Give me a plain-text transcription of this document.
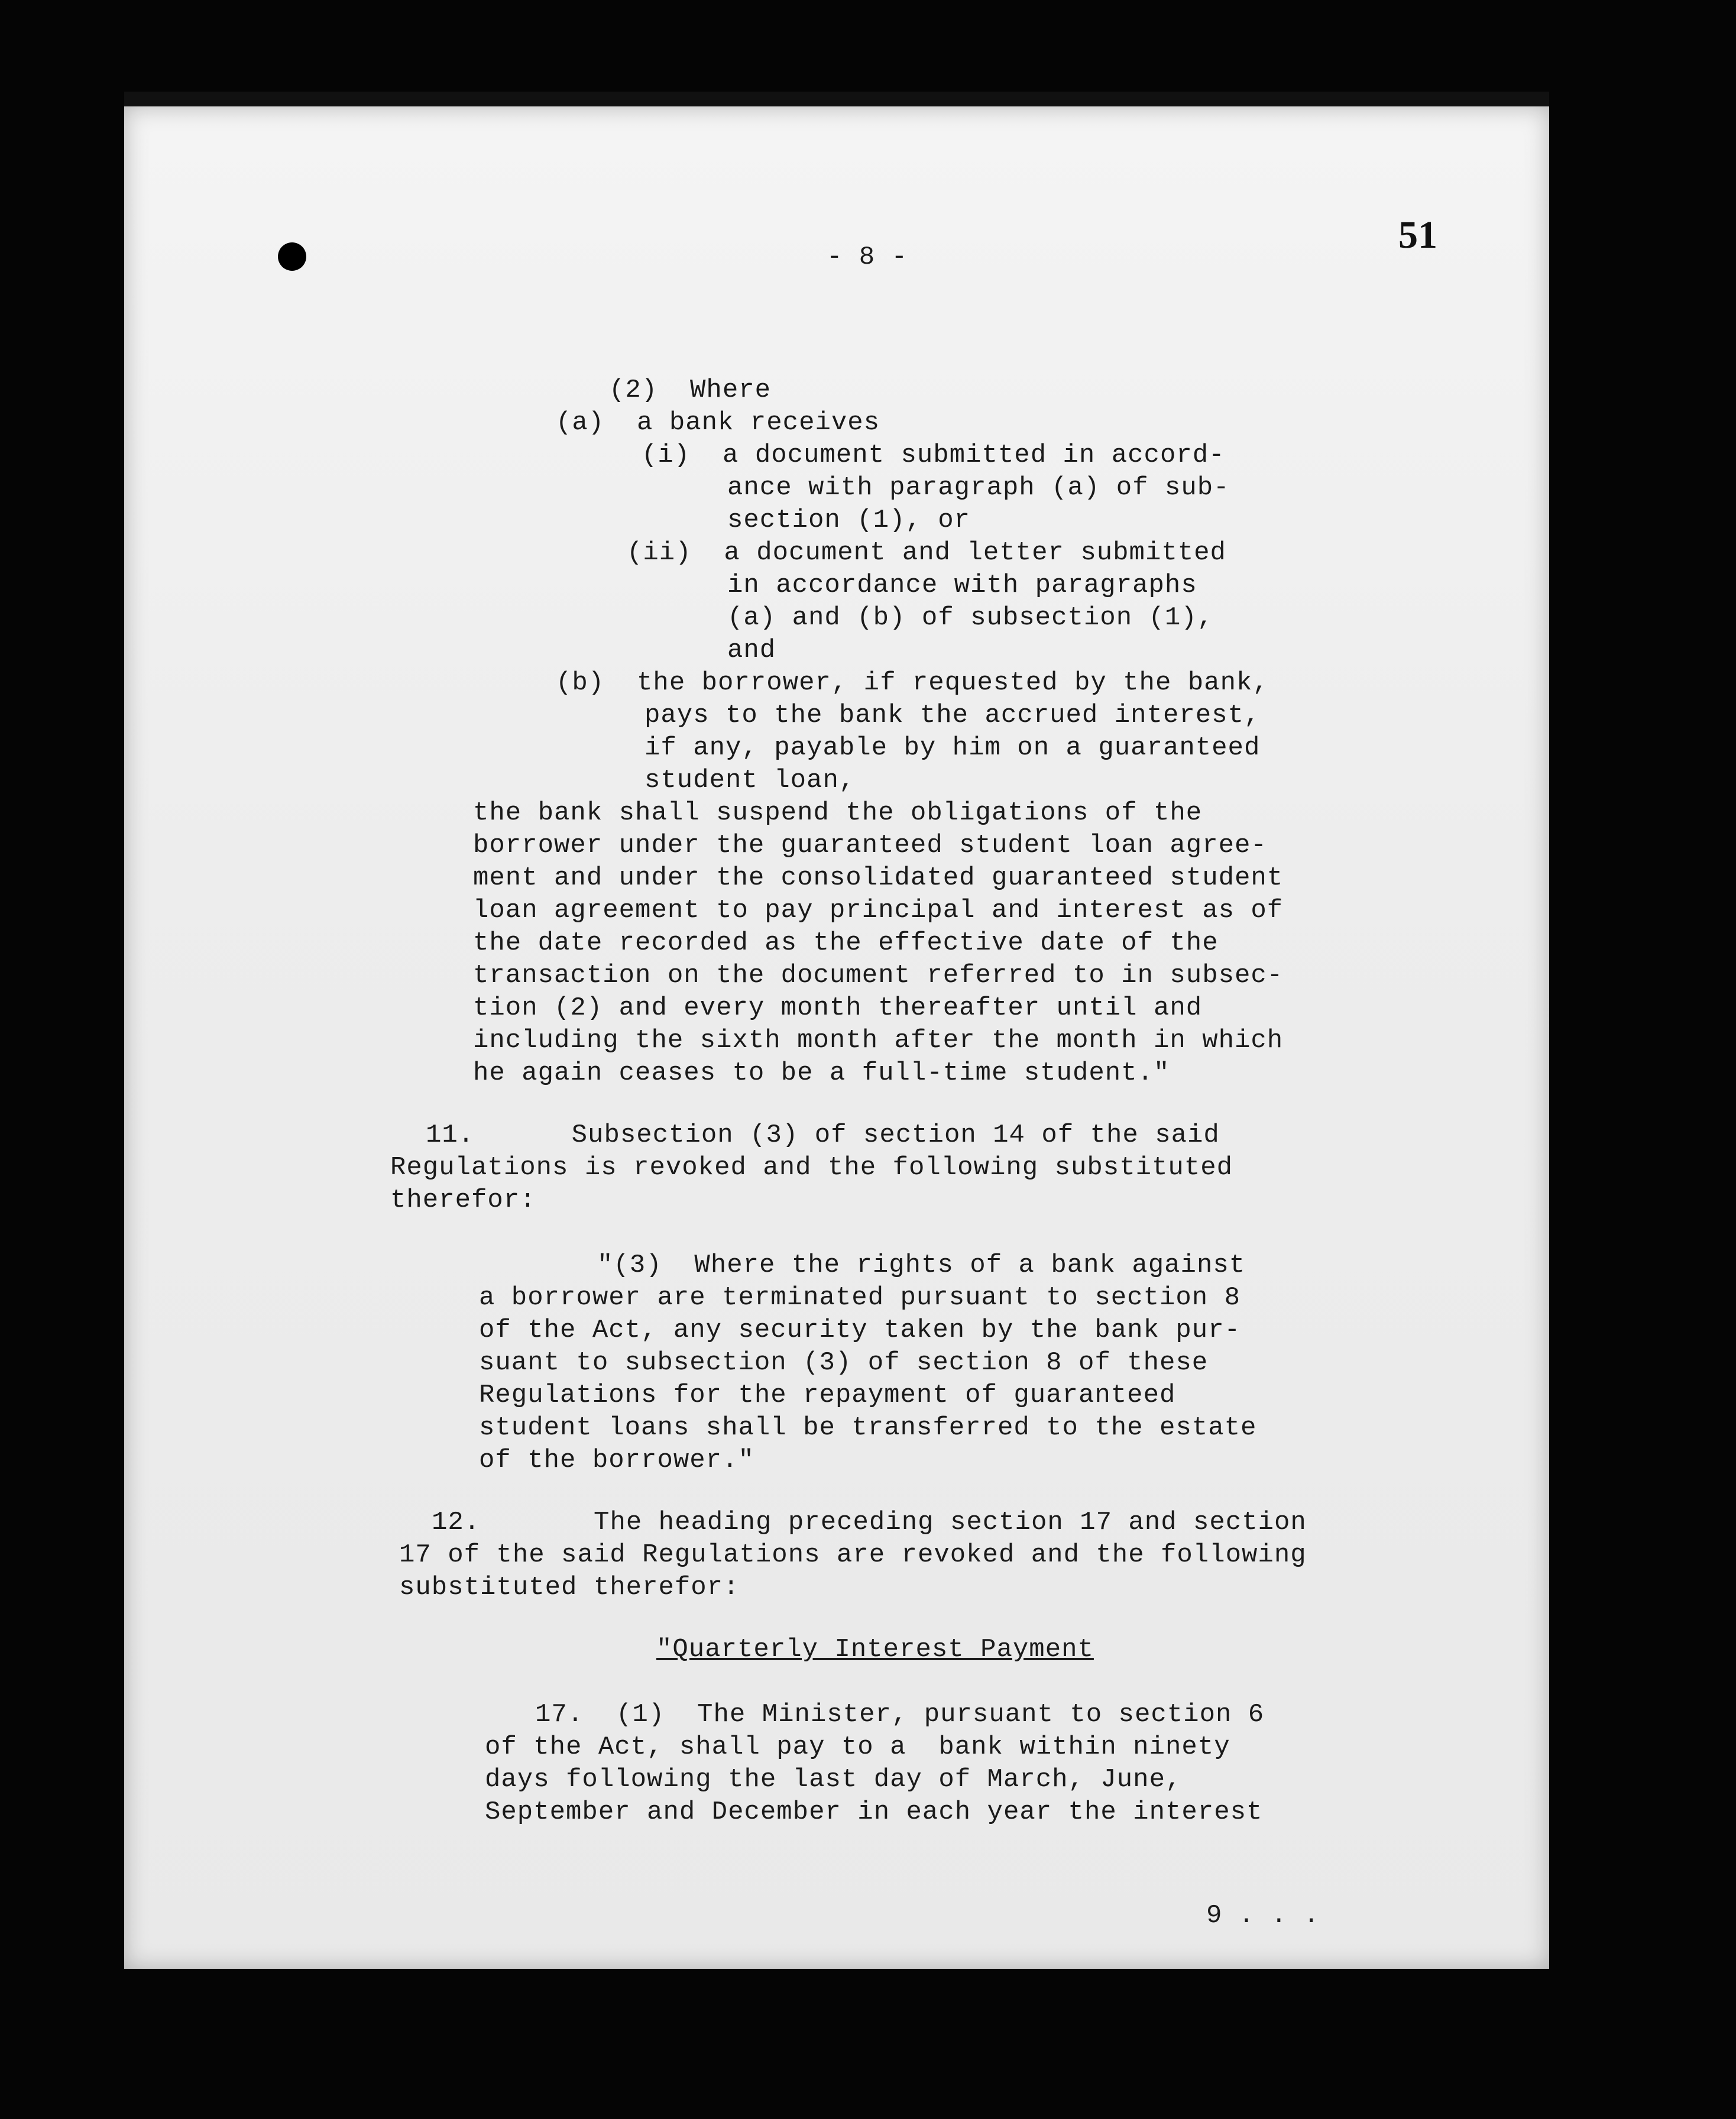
51
- 8 -
(2)  Where
(a)  a bank receives
(i)  a document submitted in accord-
ance with paragraph (a) of sub-
section (1), or
(ii)  a document and letter submitted
in accordance with paragraphs
(a) and (b) of subsection (1),
and
(b)  the borrower, if requested by the bank,
pays to the bank the accrued interest,
if any, payable by him on a guaranteed
student loan,
the bank shall suspend the obligations of the
borrower under the guaranteed student loan agree-
ment and under the consolidated guaranteed student
loan agreement to pay principal and interest as of
the date recorded as the effective date of the
transaction on the document referred to in subsec-
tion (2) and every month thereafter until and
including the sixth month after the month in which
he again ceases to be a full-time student."
11.      Subsection (3) of section 14 of the said
Regulations is revoked and the following substituted
therefor:
"(3)  Where the rights of a bank against
a borrower are terminated pursuant to section 8
of the Act, any security taken by the bank pur-
suant to subsection (3) of section 8 of these
Regulations for the repayment of guaranteed
student loans shall be transferred to the estate
of the borrower."
12.       The heading preceding section 17 and section
17 of the said Regulations are revoked and the following
substituted therefor:
"Quarterly Interest Payment
17.  (1)  The Minister, pursuant to section 6
of the Act, shall pay to a  bank within ninety
days following the last day of March, June,
September and December in each year the interest
9 . . .
